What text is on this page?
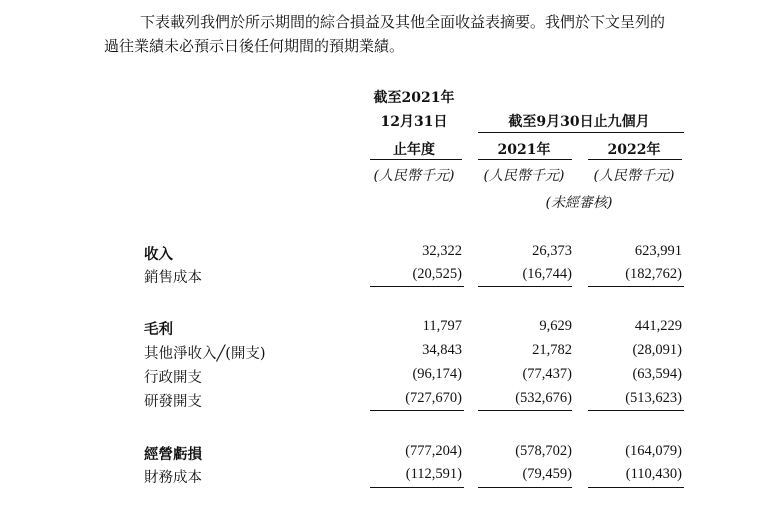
下表載列我們於所示期間的綜合損益及其他全面收益表摘要。我們於下文呈列的
過往業績未必預示日後任何期間的預期業績。
截至2021年
12月31日	截至9月30日止九個月
止年度	2021年	2022年
(人民幣千元)	(人民幣千元)	(人民幣千元)
(未經審核)
收入	32,322	26,373	623,991
銷售成本	(20,525)	(16,744)	(182,762)
毛利	11,797	9,629	441,229
其他淨收入╱(開支)	34,843	21,782	(28,091)
行政開支	(96,174)	(77,437)	(63,594)
研發開支	(727,670)	(532,676)	(513,623)
經營虧損	(777,204)	(578,702)	(164,079)
財務成本	(112,591)	(79,459)	(110,430)
